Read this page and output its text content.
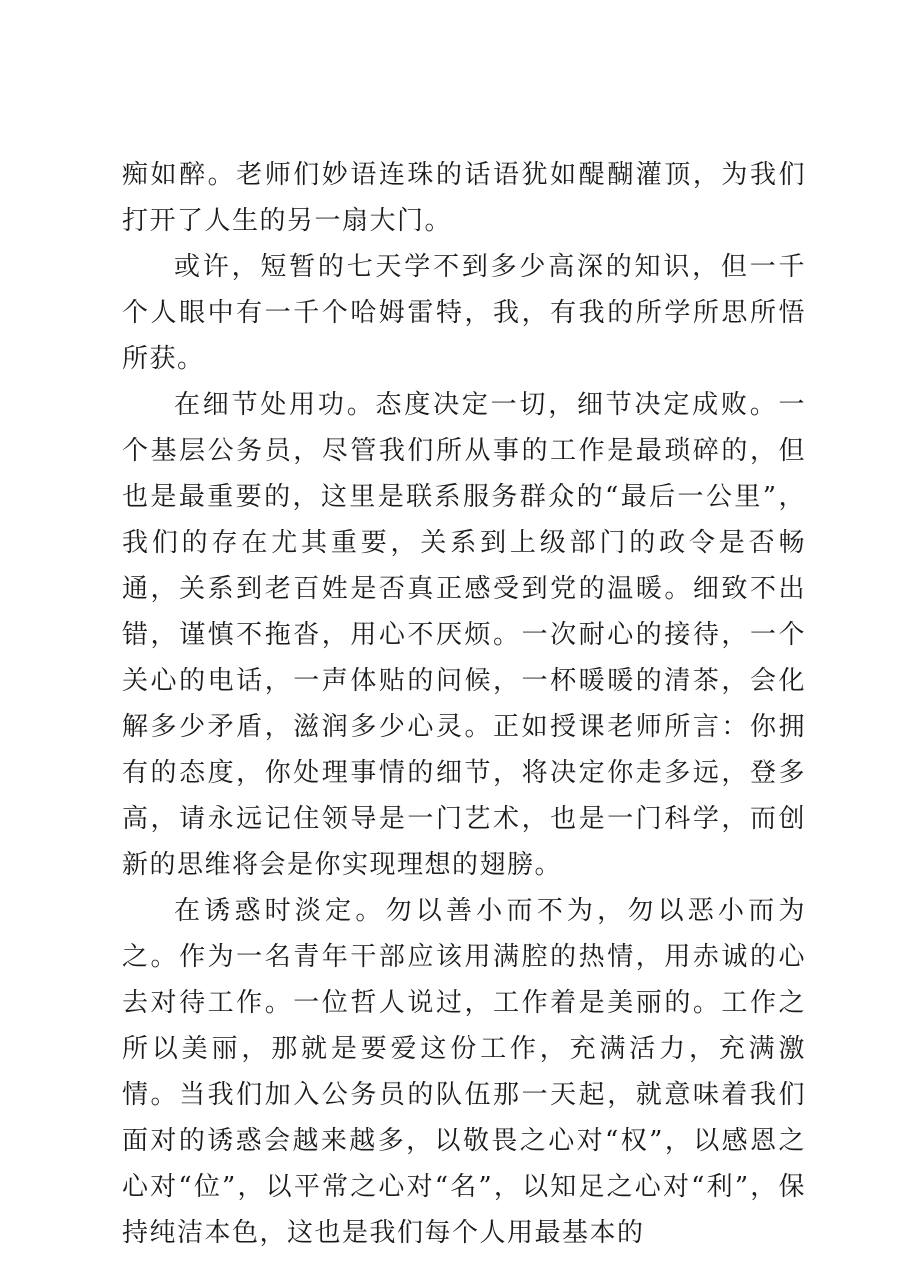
痴如醉。老师们妙语连珠的话语犹如醍醐灌顶，为我们打开了人生的另一扇大门。

或许，短暂的七天学不到多少高深的知识，但一千个人眼中有一千个哈姆雷特，我，有我的所学所思所悟所获。

在细节处用功。态度决定一切，细节决定成败。一个基层公务员，尽管我们所从事的工作是最琐碎的，但也是最重要的，这里是联系服务群众的“最后一公里”，我们的存在尤其重要，关系到上级部门的政令是否畅通，关系到老百姓是否真正感受到党的温暖。细致不出错，谨慎不拖沓，用心不厌烦。一次耐心的接待，一个关心的电话，一声体贴的问候，一杯暖暖的清茶，会化解多少矛盾，滋润多少心灵。正如授课老师所言：你拥有的态度，你处理事情的细节，将决定你走多远，登多高，请永远记住领导是一门艺术，也是一门科学，而创新的思维将会是你实现理想的翅膀。

在诱惑时淡定。勿以善小而不为，勿以恶小而为之。作为一名青年干部应该用满腔的热情，用赤诚的心去对待工作。一位哲人说过，工作着是美丽的。工作之所以美丽，那就是要爱这份工作，充满活力，充满激情。当我们加入公务员的队伍那一天起，就意味着我们面对的诱惑会越来越多，以敬畏之心对“权”，以感恩之心对“位”，以平常之心对“名”，以知足之心对“利”，保持纯洁本色，这也是我们每个人用最基本的
